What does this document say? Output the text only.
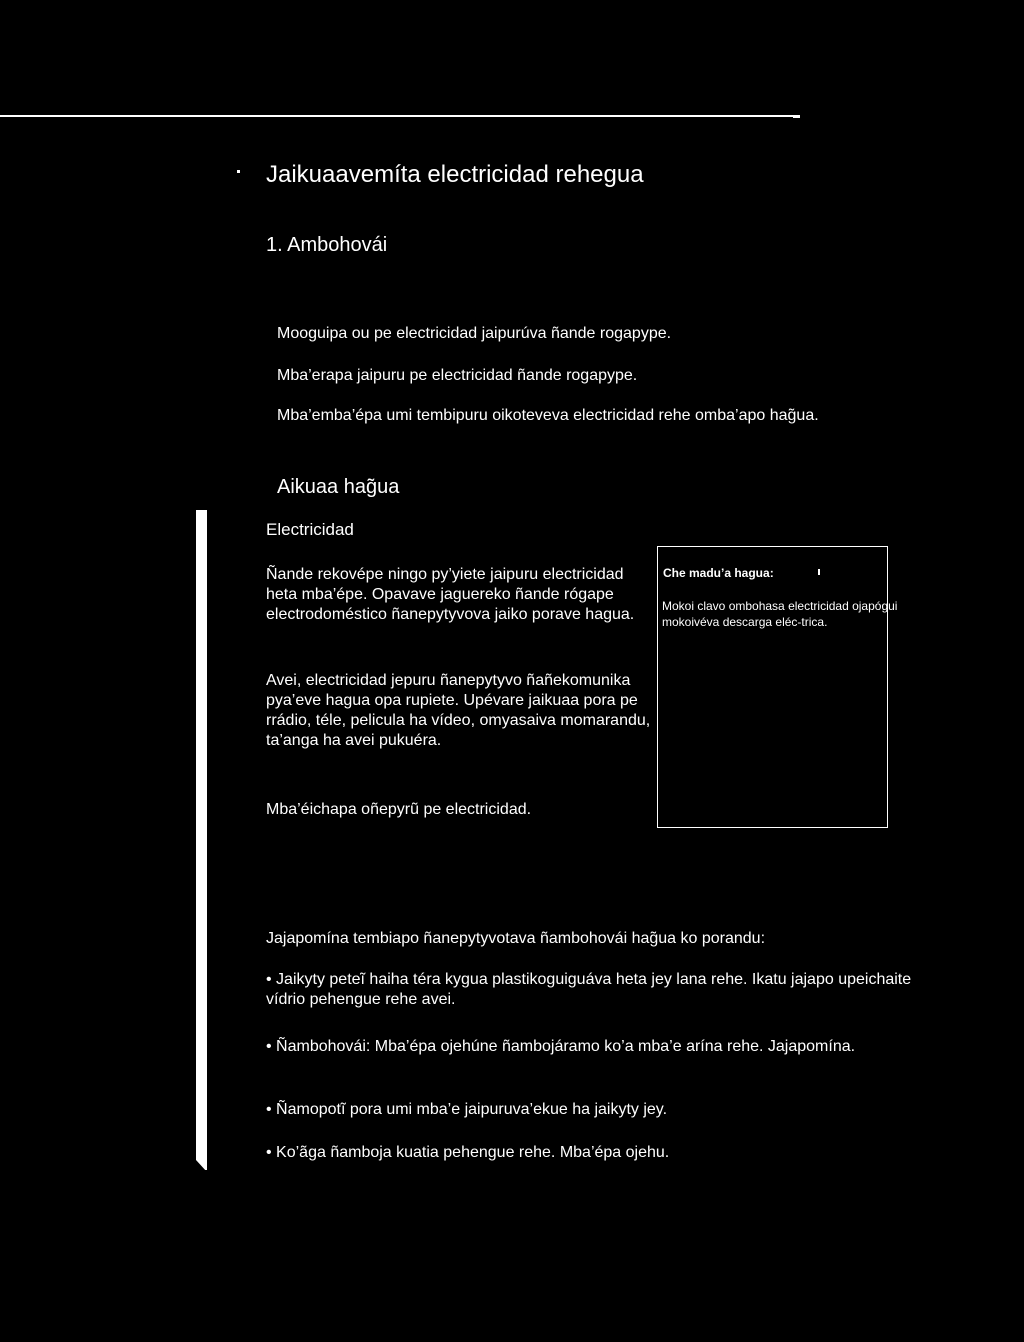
Jaikuaavemíta electricidad rehegua
1. Ambohovái

Mooguipa ou pe electricidad jaipurúva ñande rogapype.

Mba’erapa jaipuru pe electricidad ñande rogapype.

Mba’emba’épa umi tembipuru oikoteveva electricidad rehe omba’apo hag̃ua.

Aikuaa hag̃ua
Electricidad

Ñande rekovépe ningo py’yiete jaipuru electricidad heta mba’épe. Opavave jaguereko ñande rógape electrodoméstico ñanepytyvova jaiko porave hagua.

Avei, electricidad jepuru ñanepytyvo ñañekomunika pya’eve hagua opa rupiete. Upévare jaikuaa pora pe rrádio, téle, pelicula ha vídeo, omyasaiva momarandu, ta’anga ha avei pukuéra.

Mba’éichapa oñepyrũ pe electricidad.

Che madu’a hagua:
Mokoi clavo ombohasa electricidad ojapógui mokoivéva descarga eléc-trica.

Jajapomína tembiapo ñanepytyvotava ñambohovái hag̃ua ko porandu:

• Jaikyty peteĩ haiha téra kygua plastikoguiguáva heta jey lana rehe. Ikatu jajapo upeichaite vídrio pehengue rehe avei.

• Ñambohovái: Mba’épa ojehúne ñambojáramo ko’a mba’e arína rehe. Jajapomína.

• Ñamopotĩ pora umi mba’e jaipuruva’ekue ha jaikyty jey.

• Ko’ãga ñamboja kuatia pehengue rehe. Mba’épa ojehu.
